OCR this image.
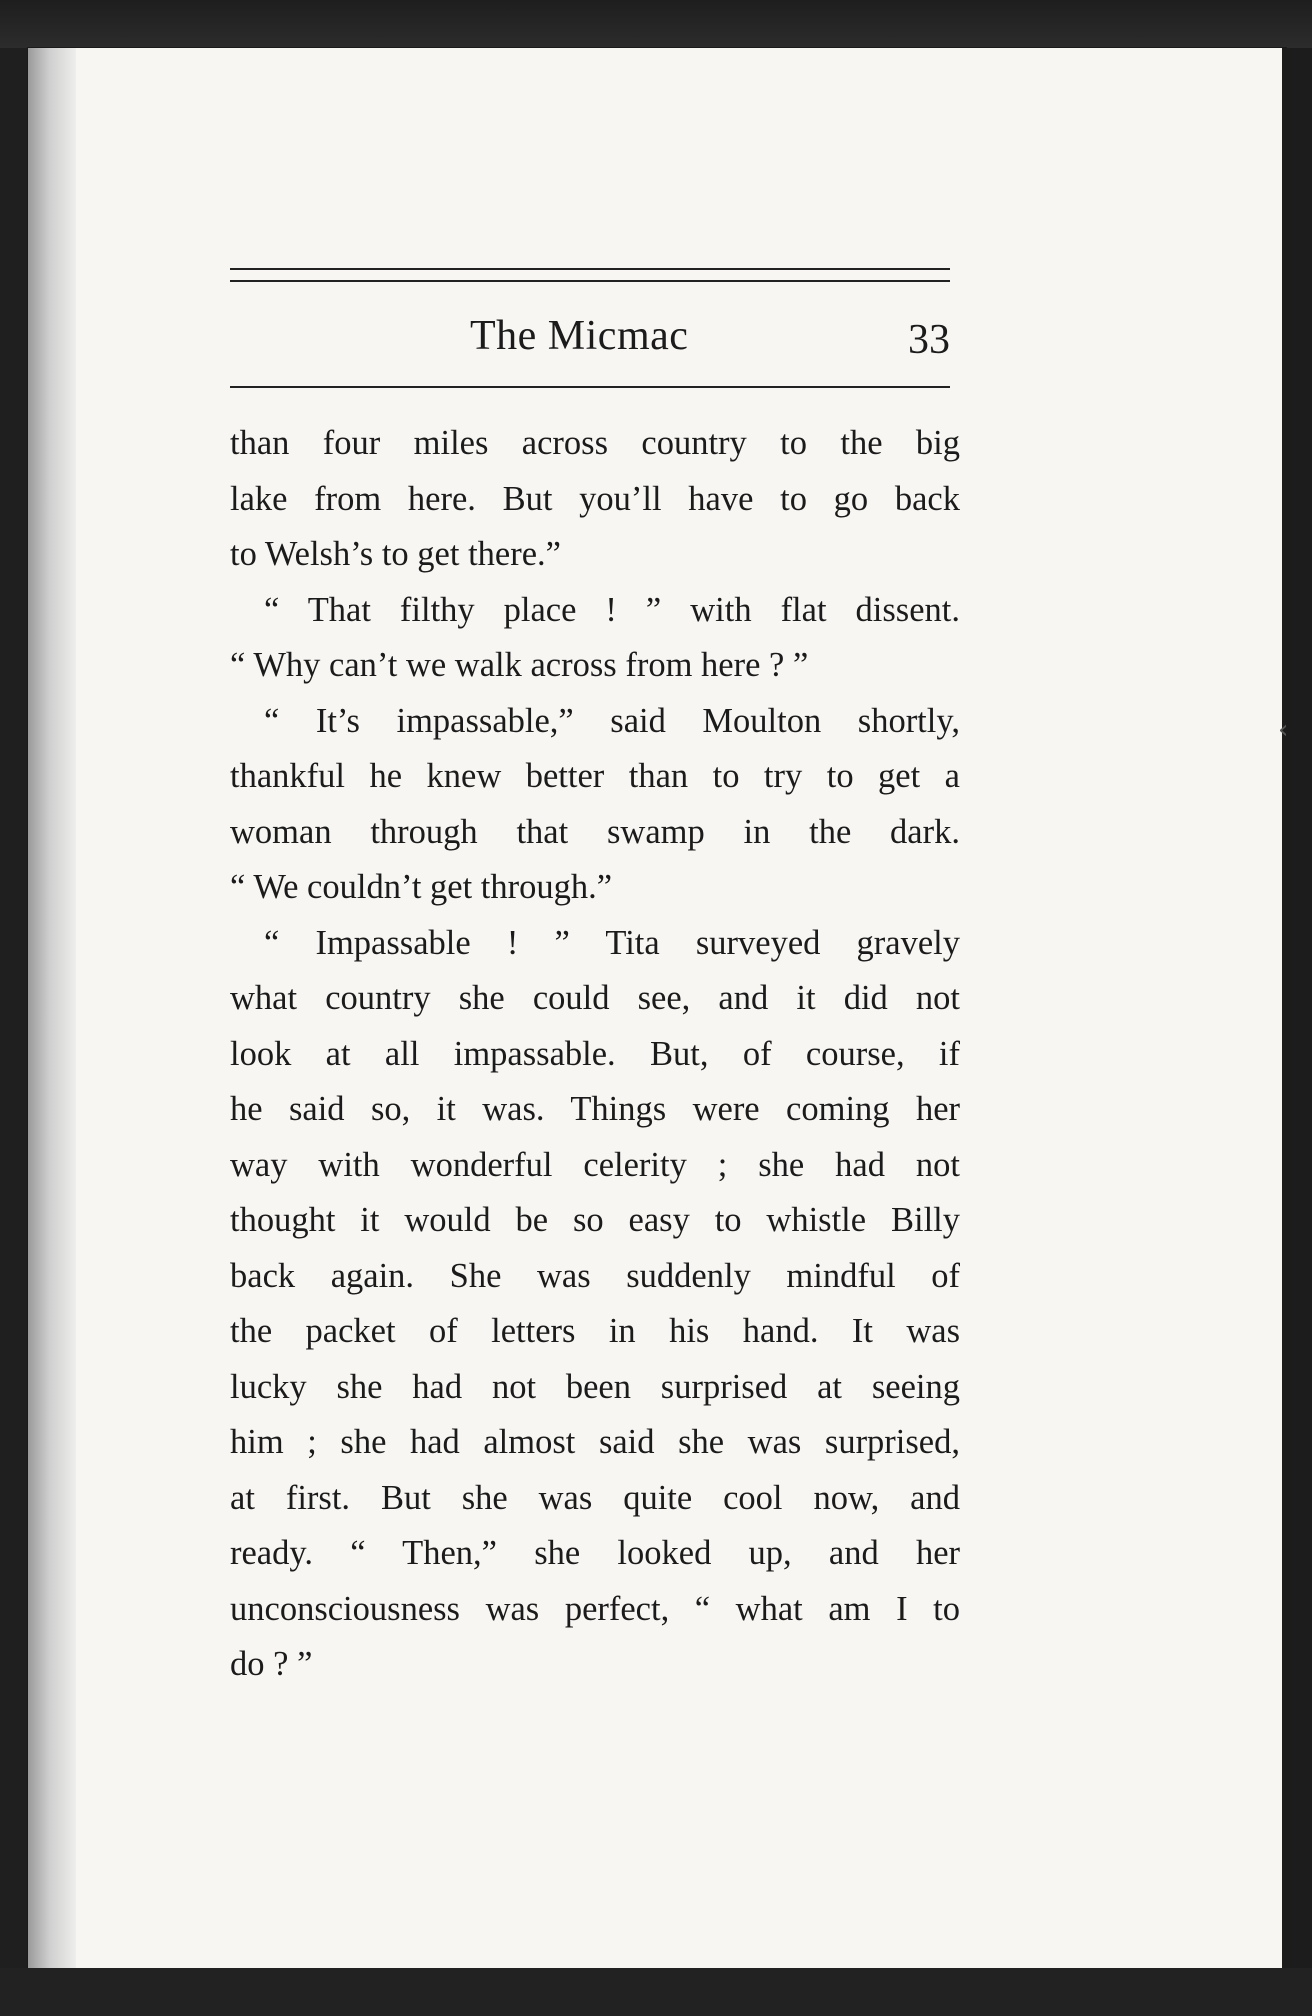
‹
The Micmac	33
than four miles across country to the big
lake from here. But you’ll have to go back
to Welsh’s to get there.”
“ That filthy place ! ” with flat dissent.
“ Why can’t we walk across from here ? ”
“ It’s impassable,” said Moulton shortly,
thankful he knew better than to try to get a
woman through that swamp in the dark.
“ We couldn’t get through.”
“ Impassable ! ” Tita surveyed gravely
what country she could see, and it did not
look at all impassable. But, of course, if
he said so, it was. Things were coming her
way with wonderful celerity ; she had not
thought it would be so easy to whistle Billy
back again. She was suddenly mindful of
the packet of letters in his hand. It was
lucky she had not been surprised at seeing
him ; she had almost said she was surprised,
at first. But she was quite cool now, and
ready. “ Then,” she looked up, and her
unconsciousness was perfect, “ what am I to
do ? ”
